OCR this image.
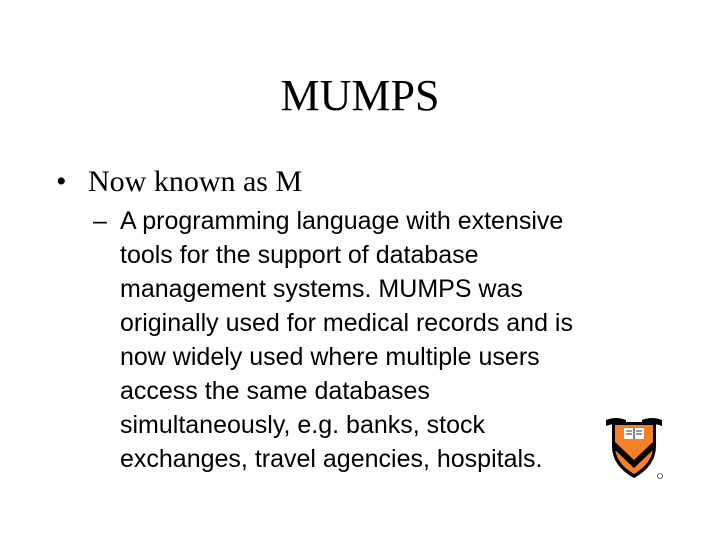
MUMPS
• Now known as M
– A programming language with extensive
tools for the support of database
management systems. MUMPS was
originally used for medical records and is
now widely used where multiple users
access the same databases
simultaneously, e.g. banks, stock
exchanges, travel agencies, hospitals.
